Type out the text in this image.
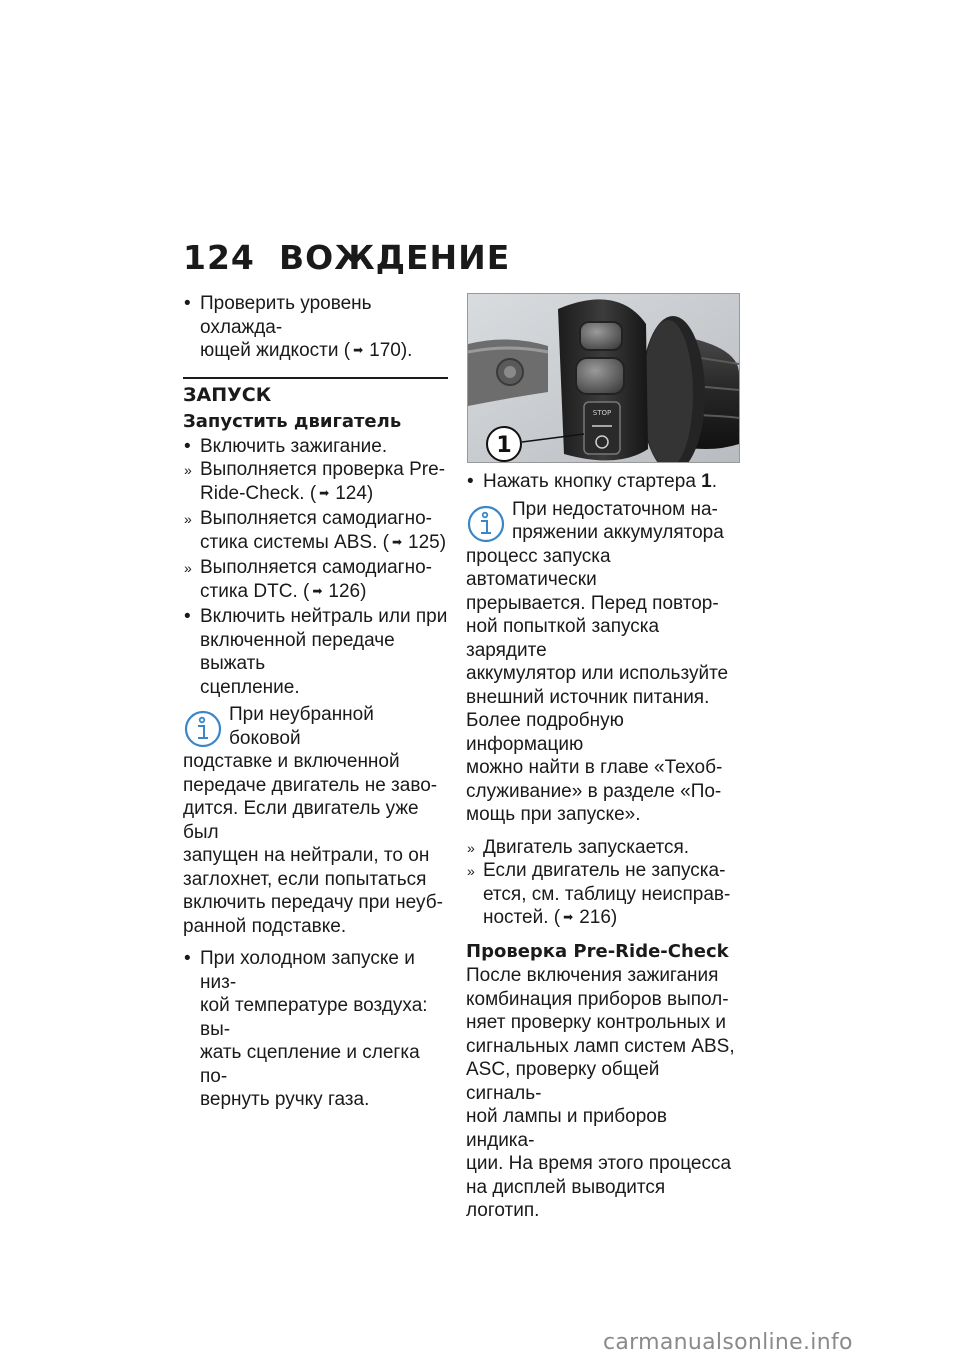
124 ВОЖДЕНИЕ
• Проверить уровень охлажда-
ющей жидкости ( ➡ 170).
ЗАПУСК
Запустить двигатель
• Включить зажигание.
» Выполняется проверка Pre-
Ride-Check. ( ➡ 124)
» Выполняется самодиагно-
стика системы ABS. ( ➡ 125)
» Выполняется самодиагно-
стика DTC. ( ➡ 126)
• Включить нейтраль или при
включенной передаче выжать
сцепление.

При неубранной боковой
подставке и включенной
передаче двигатель не заво-
дится. Если двигатель уже был
запущен на нейтрали, то он
заглохнет, если попытаться
включить передачу при неуб-
ранной подставке.

• При холодном запуске и низ-
кой температуре воздуха: вы-
жать сцепление и слегка по-
вернуть ручку газа.
STOP
1
• Нажать кнопку стартера 1.

При недостаточном на-
пряжении аккумулятора
процесс запуска автоматически
прерывается. Перед повтор-
ной попыткой запуска зарядите
аккумулятор или используйте
внешний источник питания.
Более подробную информацию
можно найти в главе «Техоб-
служивание» в разделе «По-
мощь при запуске».

» Двигатель запускается.
» Если двигатель не запуска-
ется, см. таблицу неисправ-
ностей. ( ➡ 216)
Проверка Pre-Ride-Check

После включения зажигания
комбинация приборов выпол-
няет проверку контрольных и
сигнальных ламп систем ABS,
ASC, проверку общей сигналь-
ной лампы и приборов индика-
ции. На время этого процесса
на дисплей выводится логотип.

carmanualsonline.info
